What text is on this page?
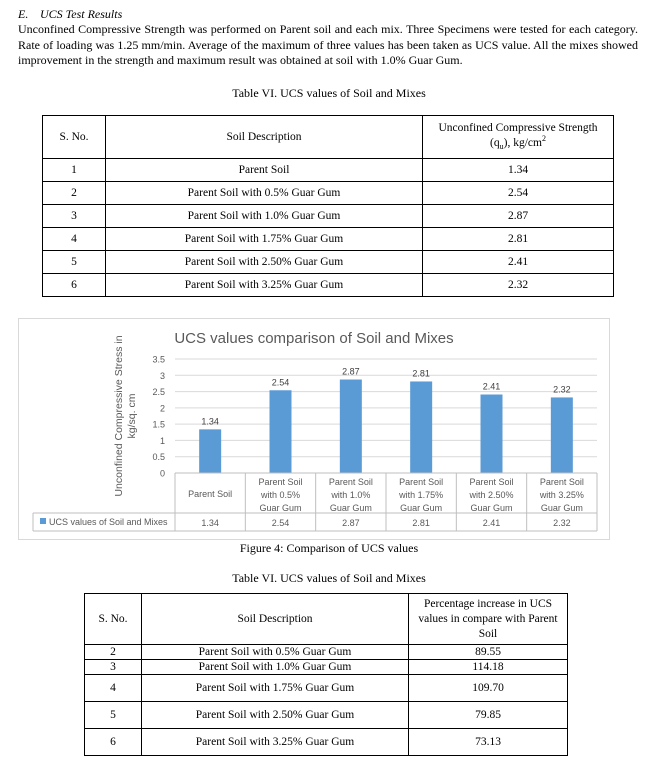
E. UCS Test Results
Unconfined Compressive Strength was performed on Parent soil and each mix. Three Specimens were tested for each category. Rate of loading was 1.25 mm/min. Average of the maximum of three values has been taken as UCS value. All the mixes showed improvement in the strength and maximum result was obtained at soil with 1.0% Guar Gum.
Table VI. UCS values of Soil and Mixes
S. No.	Soil Description	Unconfined Compressive Strength
$(q_u)$, $kg/cm^2$

1	Parent Soil	1.34
2	Parent Soil with 0.5% Guar Gum	2.54
3	Parent Soil with 1.0% Guar Gum	2.87
4	Parent Soil with 1.75% Guar Gum	2.81
5	Parent Soil with 2.50% Guar Gum	2.41
6	Parent Soil with 3.25% Guar Gum	2.32
UCS values comparison of Soil and Mixes
Unconfined Compressive Stress in kg/sq. cm
0
0.5
1
1.5
2
2.5
3
3.5
1.34
2.54
2.87	2.81
2.41	2.32
Parent Soil
1.34
Parent Soil
with 0.5%
Guar Gum
2.54
Parent Soil
with 1.0%
Guar Gum
2.87
Parent Soil
with 1.75%
Guar Gum
2.81
Parent Soil
with 2.50%
Guar Gum
2.41
Parent Soil
with 3.25%
Guar Gum
2.32
UCS values of Soil and Mixes
Figure 4: Comparison of UCS values
Table VI. UCS values of Soil and Mixes
S. No.	Soil Description	Percentage increase in UCS values in compare with Parent Soil
2	Parent Soil with 0.5% Guar Gum	89.55
3	Parent Soil with 1.0% Guar Gum	114.18
4	Parent Soil with 1.75% Guar Gum	109.70
5	Parent Soil with 2.50% Guar Gum	79.85
6	Parent Soil with 3.25% Guar Gum	73.13
